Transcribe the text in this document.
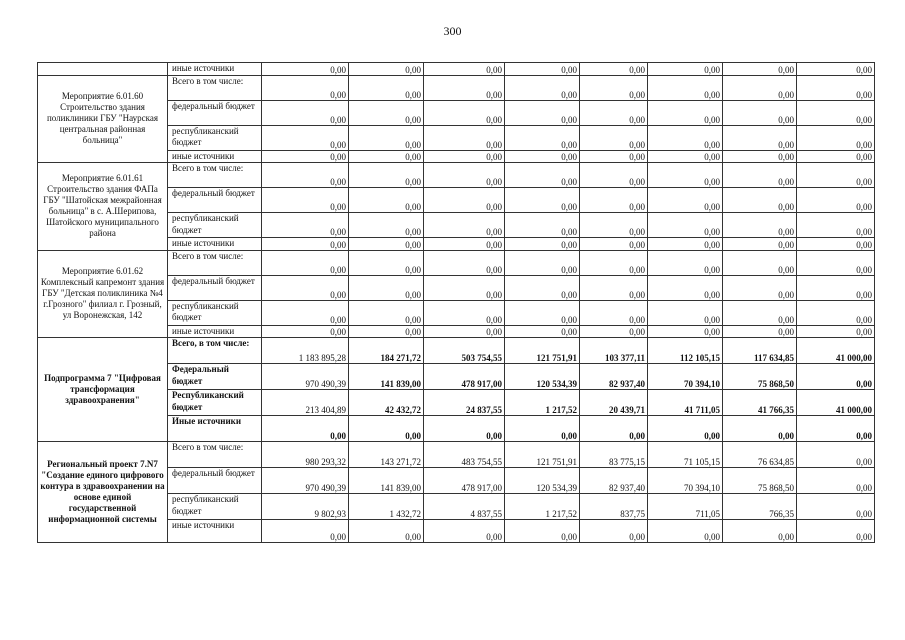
300
	иные источники	0,00	0,00	0,00	0,00	0,00	0,00	0,00	0,00
Мероприятие 6.01.60 Строительство здания поликлиники ГБУ "Наурская центральная районная больница"	Всего в том числе:	0,00	0,00	0,00	0,00	0,00	0,00	0,00	0,00
	федеральный бюджет	0,00	0,00	0,00	0,00	0,00	0,00	0,00	0,00
	республиканский бюджет	0,00	0,00	0,00	0,00	0,00	0,00	0,00	0,00
	иные источники	0,00	0,00	0,00	0,00	0,00	0,00	0,00	0,00
Мероприятие 6.01.61 Строительство здания ФАПа ГБУ "Шатойская межрайонная больница" в с. А.Шерипова, Шатойского муниципального района	Всего в том числе:	0,00	0,00	0,00	0,00	0,00	0,00	0,00	0,00
	федеральный бюджет	0,00	0,00	0,00	0,00	0,00	0,00	0,00	0,00
	республиканский бюджет	0,00	0,00	0,00	0,00	0,00	0,00	0,00	0,00
	иные источники	0,00	0,00	0,00	0,00	0,00	0,00	0,00	0,00
Мероприятие 6.01.62 Комплексный капремонт здания ГБУ "Детская поликлиника №4 г.Грозного" филиал г. Грозный, ул Воронежская, 142	Всего в том числе:	0,00	0,00	0,00	0,00	0,00	0,00	0,00	0,00
	федеральный бюджет	0,00	0,00	0,00	0,00	0,00	0,00	0,00	0,00
	республиканский бюджет	0,00	0,00	0,00	0,00	0,00	0,00	0,00	0,00
	иные источники	0,00	0,00	0,00	0,00	0,00	0,00	0,00	0,00
Подпрограмма 7 "Цифровая трансформация здравоохранения"	Всего, в том числе:	1 183 895,28	184 271,72	503 754,55	121 751,91	103 377,11	112 105,15	117 634,85	41 000,00
	Федеральный бюджет	970 490,39	141 839,00	478 917,00	120 534,39	82 937,40	70 394,10	75 868,50	0,00
	Республиканский бюджет	213 404,89	42 432,72	24 837,55	1 217,52	20 439,71	41 711,05	41 766,35	41 000,00
	Иные источники	0,00	0,00	0,00	0,00	0,00	0,00	0,00	0,00
Региональный проект 7.N7 "Создание единого цифрового контура в здравоохранении на основе единой государственной информационной системы	Всего в том числе:	980 293,32	143 271,72	483 754,55	121 751,91	83 775,15	71 105,15	76 634,85	0,00
	федеральный бюджет	970 490,39	141 839,00	478 917,00	120 534,39	82 937,40	70 394,10	75 868,50	0,00
	республиканский бюджет	9 802,93	1 432,72	4 837,55	1 217,52	837,75	711,05	766,35	0,00
	иные источники	0,00	0,00	0,00	0,00	0,00	0,00	0,00	0,00
